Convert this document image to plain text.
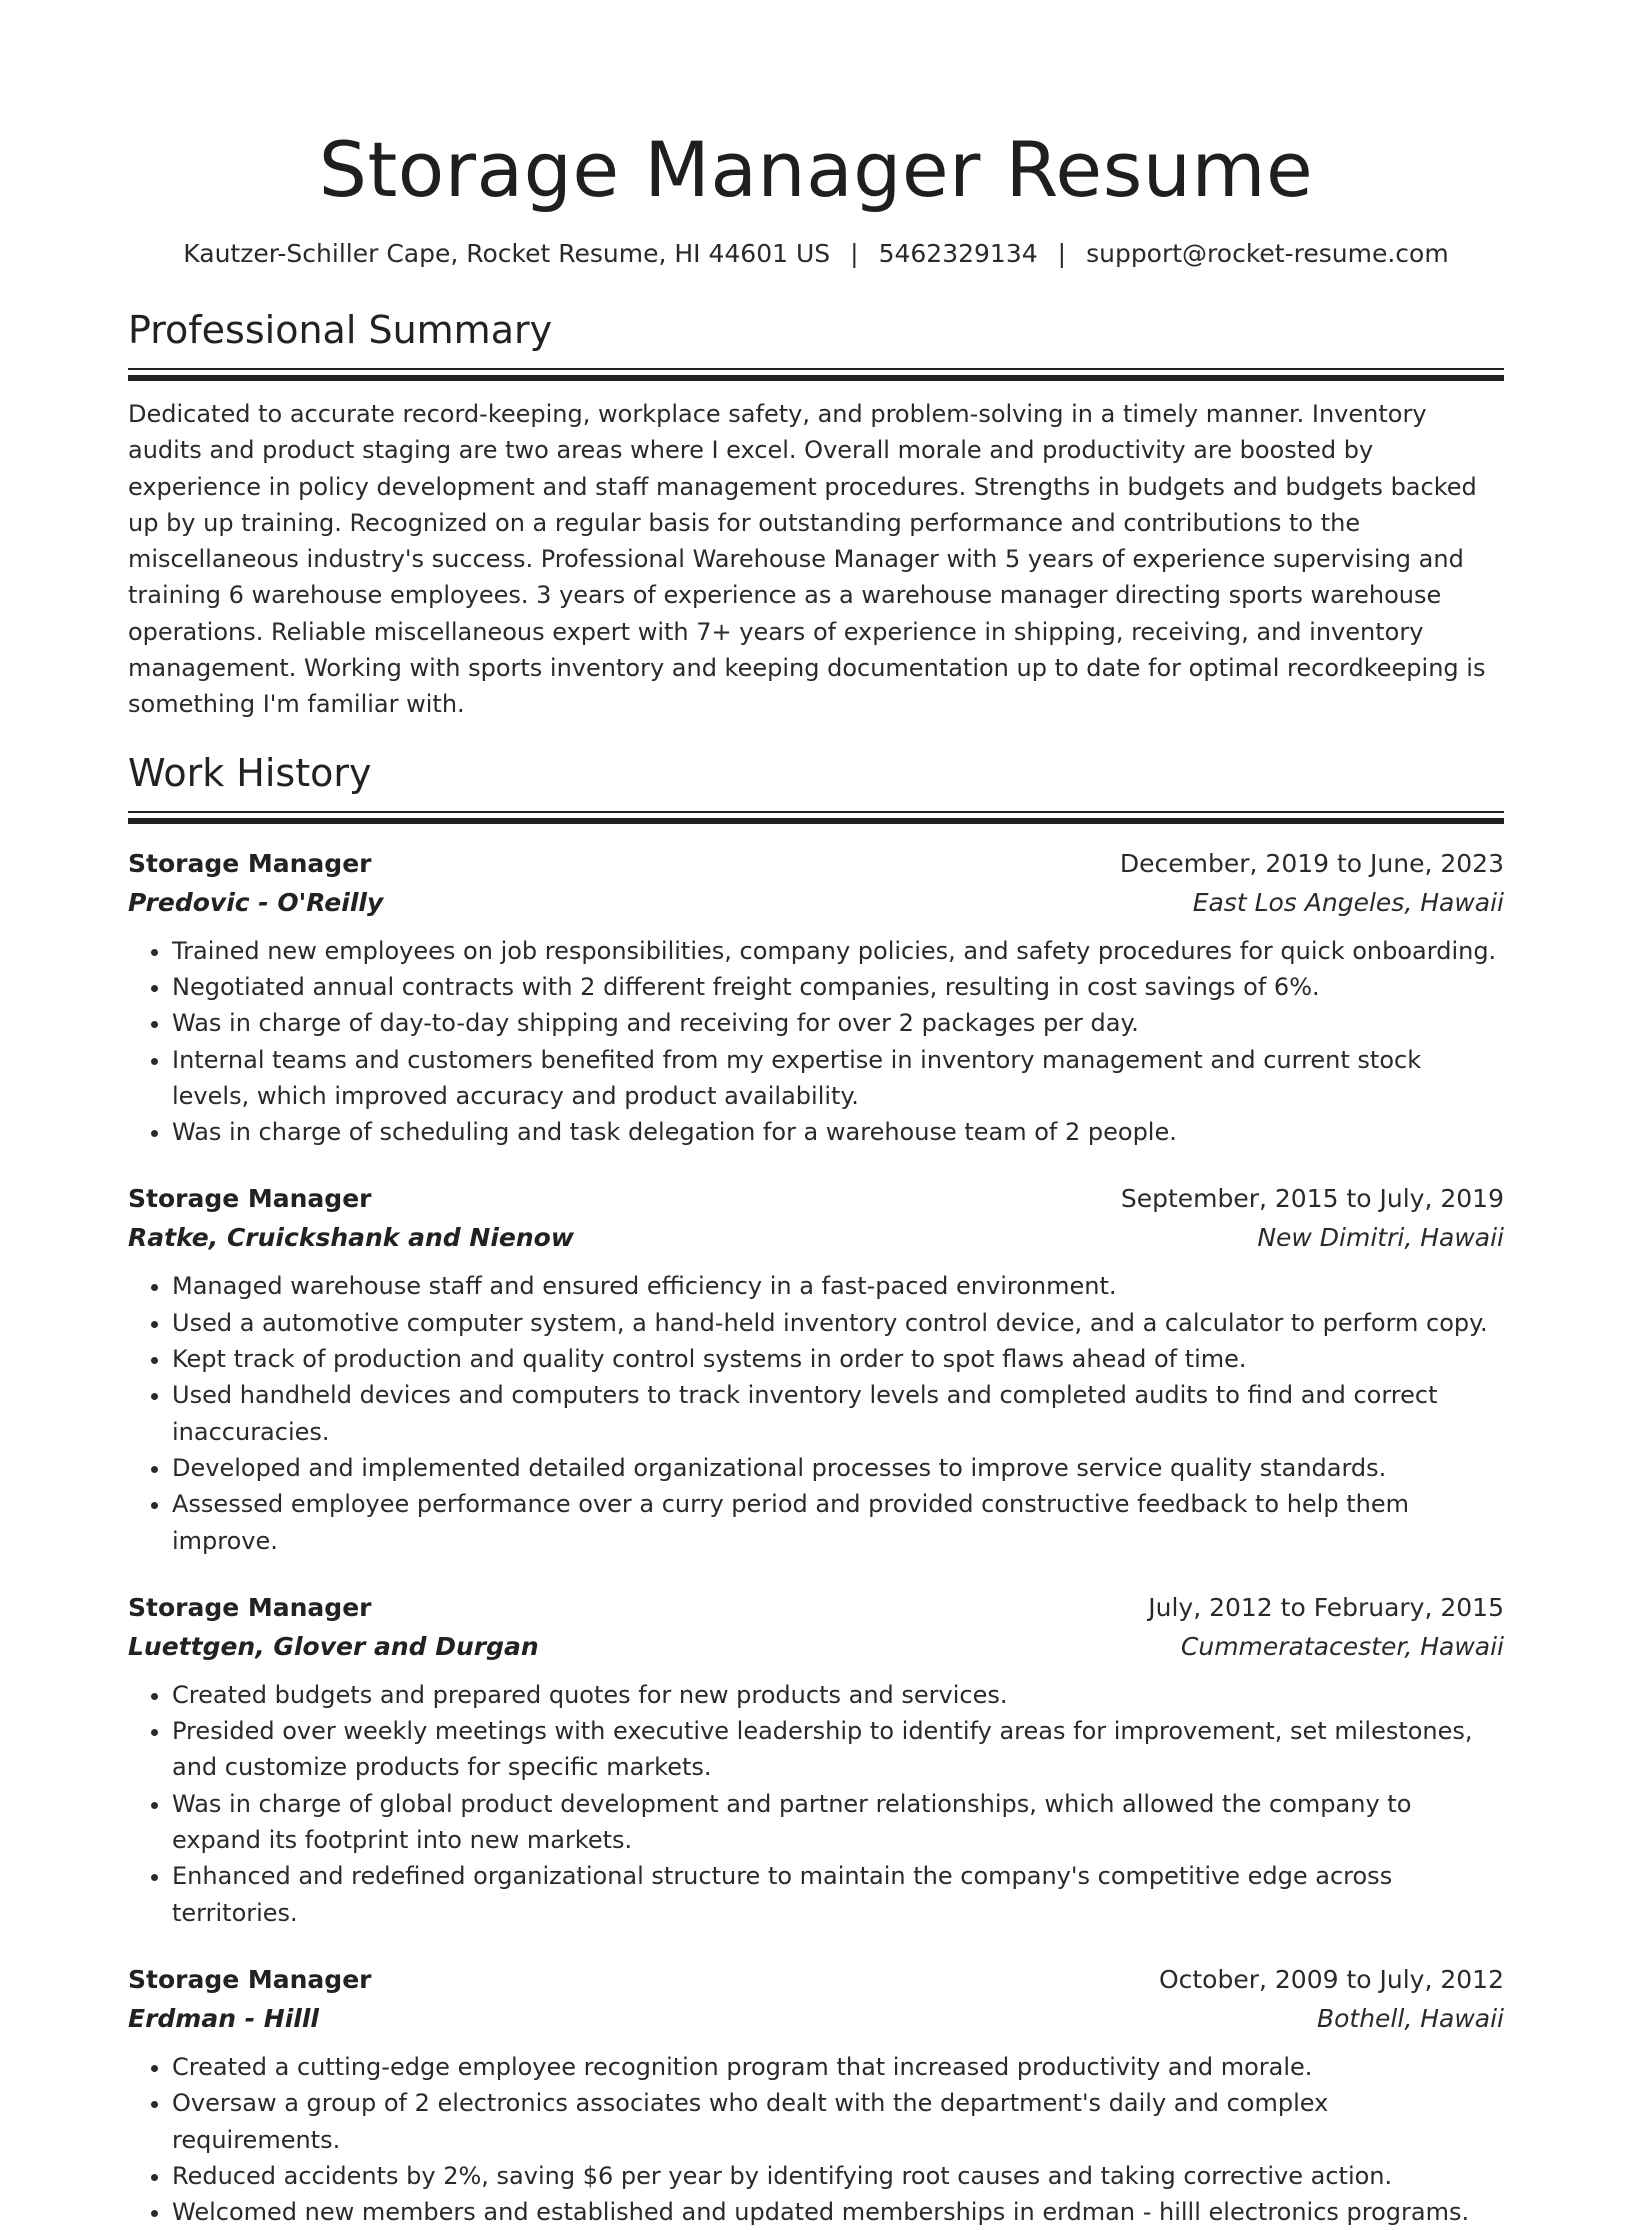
Storage Manager Resume
Kautzer-Schiller Cape, Rocket Resume, HI 44601 US | 5462329134 | support@rocket-resume.com
Professional Summary
Dedicated to accurate record-keeping, workplace safety, and problem-solving in a timely manner. Inventory audits and product staging are two areas where I excel. Overall morale and productivity are boosted by experience in policy development and staff management procedures. Strengths in budgets and budgets backed up by up training. Recognized on a regular basis for outstanding performance and contributions to the miscellaneous industry's success. Professional Warehouse Manager with 5 years of experience supervising and training 6 warehouse employees. 3 years of experience as a warehouse manager directing sports warehouse operations. Reliable miscellaneous expert with 7+ years of experience in shipping, receiving, and inventory management. Working with sports inventory and keeping documentation up to date for optimal recordkeeping is something I'm familiar with.
Work History
Storage Manager	December, 2019 to June, 2023
Predovic - O'Reilly	East Los Angeles, Hawaii
• Trained new employees on job responsibilities, company policies, and safety procedures for quick onboarding.
• Negotiated annual contracts with 2 different freight companies, resulting in cost savings of 6%.
• Was in charge of day-to-day shipping and receiving for over 2 packages per day.
• Internal teams and customers benefited from my expertise in inventory management and current stock levels, which improved accuracy and product availability.
• Was in charge of scheduling and task delegation for a warehouse team of 2 people.
Storage Manager	September, 2015 to July, 2019
Ratke, Cruickshank and Nienow	New Dimitri, Hawaii
• Managed warehouse staff and ensured efficiency in a fast-paced environment.
• Used a automotive computer system, a hand-held inventory control device, and a calculator to perform copy.
• Kept track of production and quality control systems in order to spot flaws ahead of time.
• Used handheld devices and computers to track inventory levels and completed audits to find and correct inaccuracies.
• Developed and implemented detailed organizational processes to improve service quality standards.
• Assessed employee performance over a curry period and provided constructive feedback to help them improve.
Storage Manager	July, 2012 to February, 2015
Luettgen, Glover and Durgan	Cummeratacester, Hawaii
• Created budgets and prepared quotes for new products and services.
• Presided over weekly meetings with executive leadership to identify areas for improvement, set milestones, and customize products for specific markets.
• Was in charge of global product development and partner relationships, which allowed the company to expand its footprint into new markets.
• Enhanced and redefined organizational structure to maintain the company's competitive edge across territories.
Storage Manager	October, 2009 to July, 2012
Erdman - Hilll	Bothell, Hawaii
• Created a cutting-edge employee recognition program that increased productivity and morale.
• Oversaw a group of 2 electronics associates who dealt with the department's daily and complex requirements.
• Reduced accidents by 2%, saving $6 per year by identifying root causes and taking corrective action.
• Welcomed new members and established and updated memberships in erdman - hilll electronics programs.
